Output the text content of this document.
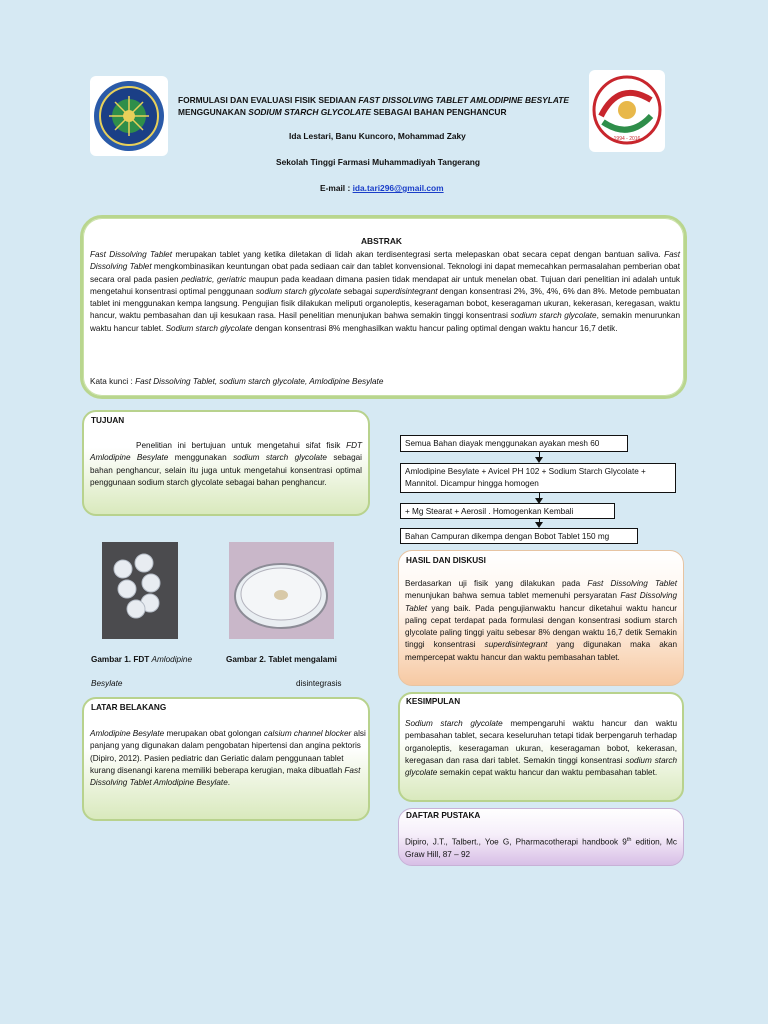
FORMULASI DAN EVALUASI FISIK SEDIAAN FAST DISSOLVING TABLET AMLODIPINE BESYLATE
MENGGUNAKAN SODIUM STARCH GLYCOLATE SEBAGAI BAHAN PENGHANCUR
Ida Lestari, Banu Kuncoro, Mohammad Zaky
Sekolah Tinggi Farmasi Muhammadiyah Tangerang
E-mail : ida.tari296@gmail.com
1994 - 2016
ABSTRAK
Fast Dissolving Tablet merupakan tablet yang ketika diletakan di lidah akan terdisentegrasi serta melepaskan obat secara cepat dengan bantuan saliva. Fast Dissolving Tablet mengkombinasikan keuntungan obat pada sediaan cair dan tablet konvensional. Teknologi ini dapat memecahkan permasalahan pemberian obat secara oral pada pasien pediatric, geriatric maupun pada keadaan dimana pasien tidak mendapat air untuk menelan obat. Tujuan dari penelitian ini adalah untuk mengetahui konsentrasi optimal penggunaan sodium starch glycolate sebagai superdisintegrant dengan konsentrasi 2%, 3%, 4%, 6% dan 8%. Metode pembuatan tablet ini menggunakan kempa langsung. Pengujian fisik dilakukan meliputi organoleptis, keseragaman bobot, keseragaman ukuran, kekerasan, keregasan, waktu hancur, waktu pembasahan dan uji kesukaan rasa. Hasil penelitian menunjukan bahwa semakin tinggi konsentrasi sodium starch glycolate, semakin menurunkan waktu hancur tablet. Sodium starch glycolate dengan konsentrasi 8% menghasilkan waktu hancur paling optimal dengan waktu hancur 16,7 detik.
Kata kunci : Fast Dissolving Tablet, sodium starch glycolate, Amlodipine Besylate
TUJUAN
Penelitian ini bertujuan untuk mengetahui sifat fisik FDT Amlodipine Besylate menggunakan sodium starch glycolate sebagai bahan penghancur, selain itu juga untuk mengetahui konsentrasi optimal penggunaan sodium starch glycolate sebagai bahan penghancur.
Gambar 1. FDT Amlodipine
Besylate
Gambar 2. Tablet mengalami
disintegrasis
LATAR BELAKANG
Amlodipine Besylate merupakan obat golongan calsium channel blocker alsi panjang yang digunakan dalam pengobatan hipertensi dan angina pektoris (Dipiro, 2012). Pasien pediatric dan Geriatic dalam penggunaan tablet kurang disenangi karena memiliki beberapa kerugian, maka dibuatlah Fast Dissolving Tablet Amlodipine Besylate.
Semua Bahan diayak menggunakan ayakan mesh 60
Amlodipine Besylate + Avicel PH 102 + Sodium Starch Glycolate + Mannitol. Dicampur hingga homogen
+ Mg Stearat + Aerosil . Homogenkan Kembali
Bahan Campuran dikempa dengan Bobot Tablet 150 mg
HASIL DAN DISKUSI
Berdasarkan uji fisik yang dilakukan pada Fast Dissolving Tablet menunjukan bahwa semua tablet memenuhi persyaratan Fast Dissolving Tablet yang baik. Pada pengujianwaktu hancur diketahui waktu hancur paling cepat terdapat pada formulasi dengan konsentrasi sodium starch glycolate paling tinggi yaitu sebesar 8% dengan waktu 16,7 detik Semakin tinggi konsentrasi superdisintegrant yang digunakan maka akan mempercepat waktu hancur dan waktu pembasahan tablet.
KESIMPULAN
Sodium starch glycolate mempengaruhi waktu hancur dan waktu pembasahan tablet, secara keseluruhan tetapi tidak berpengaruh terhadap organoleptis, keseragaman ukuran, keseragaman bobot, kekerasan, keregasan dan rasa dari tablet. Semakin tinggi konsentrasi sodium starch glycolate semakin cepat waktu hancur dan waktu pembasahan tablet.
DAFTAR PUSTAKA
Dipiro, J.T., Talbert., Yoe G, Pharmacotherapi handbook 9th edition, Mc Graw Hill, 87 – 92
